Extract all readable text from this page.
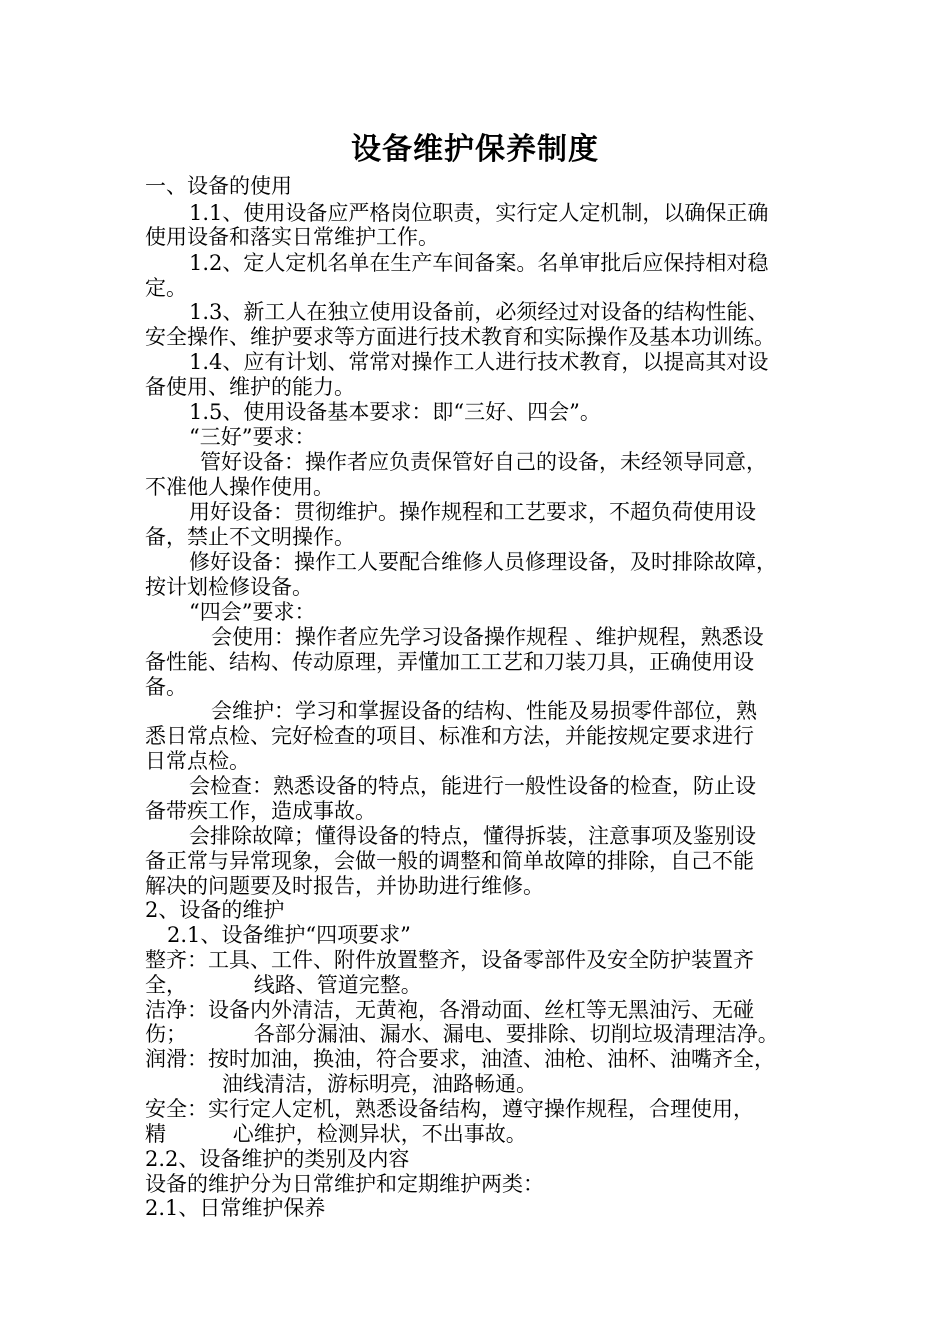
设备维护保养制度
一、设备的使用
1.1、使用设备应严格岗位职责，实行定人定机制，以确保正确
使用设备和落实日常维护工作。
1.2、定人定机名单在生产车间备案。名单审批后应保持相对稳
定。
1.3、新工人在独立使用设备前，必须经过对设备的结构性能、
安全操作、维护要求等方面进行技术教育和实际操作及基本功训练。
1.4、应有计划、常常对操作工人进行技术教育，以提高其对设
备使用、维护的能力。
1.5、使用设备基本要求：即“三好、四会”。
“三好”要求：
管好设备：操作者应负责保管好自己的设备，未经领导同意，
不准他人操作使用。
用好设备：贯彻维护。操作规程和工艺要求，不超负荷使用设
备，禁止不文明操作。
修好设备：操作工人要配合维修人员修理设备，及时排除故障，
按计划检修设备。
“四会”要求：
会使用：操作者应先学习设备操作规程 、维护规程，熟悉设
备性能、结构、传动原理，弄懂加工工艺和刀装刀具，正确使用设
备。
会维护：学习和掌握设备的结构、性能及易损零件部位，熟
悉日常点检、完好检查的项目、标准和方法，并能按规定要求进行
日常点检。
会检查：熟悉设备的特点，能进行一般性设备的检查，防止设
备带疾工作，造成事故。
会排除故障；懂得设备的特点，懂得拆装，注意事项及鉴别设
备正常与异常现象，会做一般的调整和简单故障的排除，自己不能
解决的问题要及时报告，并协助进行维修。
2、设备的维护
2.1、设备维护“四项要求”
整齐：工具、工件、附件放置整齐，设备零部件及安全防护装置齐
全，          线路、管道完整。
洁净：设备内外清洁，无黄袍，各滑动面、丝杠等无黑油污、无碰
伤；          各部分漏油、漏水、漏电、要排除、切削垃圾清理洁净。
润滑：按时加油，换油，符合要求，油渣、油枪、油杯、油嘴齐全，
油线清洁，游标明亮，油路畅通。
安全：实行定人定机，熟悉设备结构，遵守操作规程，合理使用，
精          心维护，检测异状，不出事故。
2.2、设备维护的类别及内容
设备的维护分为日常维护和定期维护两类：
2.1、日常维护保养
